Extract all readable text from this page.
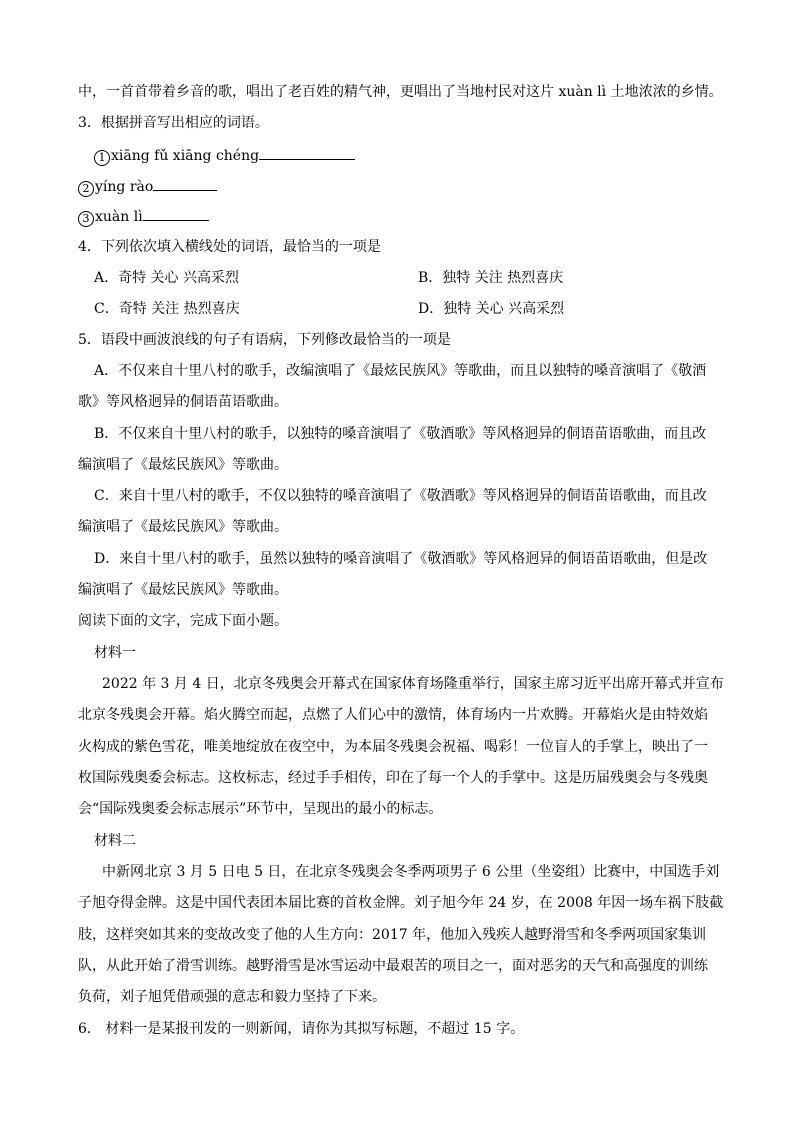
中，一首首带着乡音的歌，唱出了老百姓的精气神，更唱出了当地村民对这片 xuàn lì 土地浓浓的乡情。
3．根据拼音写出相应的词语。
1 xiāng fǔ xiāng chéng
2 yíng rào
3 xuàn lì
4．下列依次填入横线处的词语，最恰当的一项是
A．奇特 关心 兴高采烈	B．独特 关注 热烈喜庆
C．奇特 关注 热烈喜庆	D．独特 关心 兴高采烈
5．语段中画波浪线的句子有语病，下列修改最恰当的一项是
A．不仅来自十里八村的歌手，改编演唱了《最炫民族风》等歌曲，而且以独特的嗓音演唱了《敬酒
歌》等风格迥异的侗语苗语歌曲。
B．不仅来自十里八村的歌手，以独特的嗓音演唱了《敬酒歌》等风格迥异的侗语苗语歌曲，而且改
编演唱了《最炫民族风》等歌曲。
C．来自十里八村的歌手，不仅以独特的嗓音演唱了《敬酒歌》等风格迥异的侗语苗语歌曲，而且改
编演唱了《最炫民族风》等歌曲。
D．来自十里八村的歌手，虽然以独特的嗓音演唱了《敬酒歌》等风格迥异的侗语苗语歌曲，但是改
编演唱了《最炫民族风》等歌曲。
阅读下面的文字，完成下面小题。
材料一
2022 年 3 月 4 日，北京冬残奥会开幕式在国家体育场隆重举行，国家主席习近平出席开幕式并宣布
北京冬残奥会开幕。焰火腾空而起，点燃了人们心中的激情，体育场内一片欢腾。开幕焰火是由特效焰
火构成的紫色雪花，唯美地绽放在夜空中，为本届冬残奥会祝福、喝彩！一位盲人的手掌上，映出了一
枚国际残奥委会标志。这枚标志，经过手手相传，印在了每一个人的手掌中。这是历届残奥会与冬残奥
会“国际残奥委会标志展示”环节中，呈现出的最小的标志。
材料二
中新网北京 3 月 5 日电 5 日，在北京冬残奥会冬季两项男子 6 公里（坐姿组）比赛中，中国选手刘
子旭夺得金牌。这是中国代表团本届比赛的首枚金牌。刘子旭今年 24 岁，在 2008 年因一场车祸下肢截
肢，这样突如其来的变故改变了他的人生方向：2017 年，他加入残疾人越野滑雪和冬季两项国家集训
队，从此开始了滑雪训练。越野滑雪是冰雪运动中最艰苦的项目之一，面对恶劣的天气和高强度的训练
负荷，刘子旭凭借顽强的意志和毅力坚持了下来。
6． 材料一是某报刊发的一则新闻，请你为其拟写标题，不超过 15 字。
